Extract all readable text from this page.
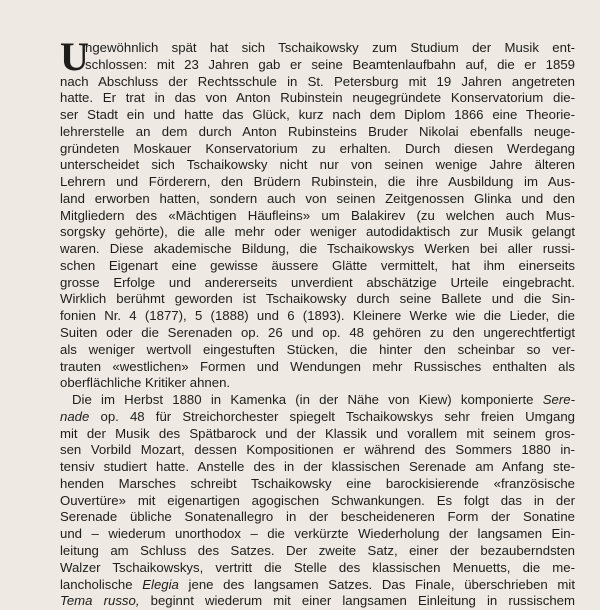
U
ngewöhnlich spät hat sich Tschaikowsky zum Studium der Musik ent-
schlossen: mit 23 Jahren gab er seine Beamtenlaufbahn auf, die er 1859
nach Abschluss der Rechtsschule in St. Petersburg mit 19 Jahren angetreten
hatte. Er trat in das von Anton Rubinstein neugegründete Konservatorium die-
ser Stadt ein und hatte das Glück, kurz nach dem Diplom 1866 eine Theorie-
lehrerstelle an dem durch Anton Rubinsteins Bruder Nikolai ebenfalls neuge-
gründeten Moskauer Konservatorium zu erhalten. Durch diesen Werdegang
unterscheidet sich Tschaikowsky nicht nur von seinen wenige Jahre älteren
Lehrern und Förderern, den Brüdern Rubinstein, die ihre Ausbildung im Aus-
land erworben hatten, sondern auch von seinen Zeitgenossen Glinka und den
Mitgliedern des «Mächtigen Häufleins» um Balakirev (zu welchen auch Mus-
sorgsky gehörte), die alle mehr oder weniger autodidaktisch zur Musik gelangt
waren. Diese akademische Bildung, die Tschaikowskys Werken bei aller russi-
schen Eigenart eine gewisse äussere Glätte vermittelt, hat ihm einerseits
grosse Erfolge und andererseits unverdient abschätzige Urteile eingebracht.
Wirklich berühmt geworden ist Tschaikowsky durch seine Ballete und die Sin-
fonien Nr. 4 (1877), 5 (1888) und 6 (1893). Kleinere Werke wie die Lieder, die
Suiten oder die Serenaden op. 26 und op. 48 gehören zu den ungerechtfertigt
als weniger wertvoll eingestuften Stücken, die hinter den scheinbar so ver-
trauten «westlichen» Formen und Wendungen mehr Russisches enthalten als
oberflächliche Kritiker ahnen.
Die im Herbst 1880 in Kamenka (in der Nähe von Kiew) komponierte Sere-
nade op. 48 für Streichorchester spiegelt Tschaikowskys sehr freien Umgang
mit der Musik des Spätbarock und der Klassik und vorallem mit seinem gros-
sen Vorbild Mozart, dessen Kompositionen er während des Sommers 1880 in-
tensiv studiert hatte. Anstelle des in der klassischen Serenade am Anfang ste-
henden Marsches schreibt Tschaikowsky eine barockisierende «französische
Ouvertüre» mit eigenartigen agogischen Schwankungen. Es folgt das in der
Serenade übliche Sonatenallegro in der bescheideneren Form der Sonatine
und – wiederum unorthodox – die verkürzte Wiederholung der langsamen Ein-
leitung am Schluss des Satzes. Der zweite Satz, einer der bezauberndsten
Walzer Tschaikowskys, vertritt die Stelle des klassischen Menuetts, die me-
lancholische Elegia jene des langsamen Satzes. Das Finale, überschrieben mit
Tema russo, beginnt wiederum mit einer langsamen Einleitung in russischem
